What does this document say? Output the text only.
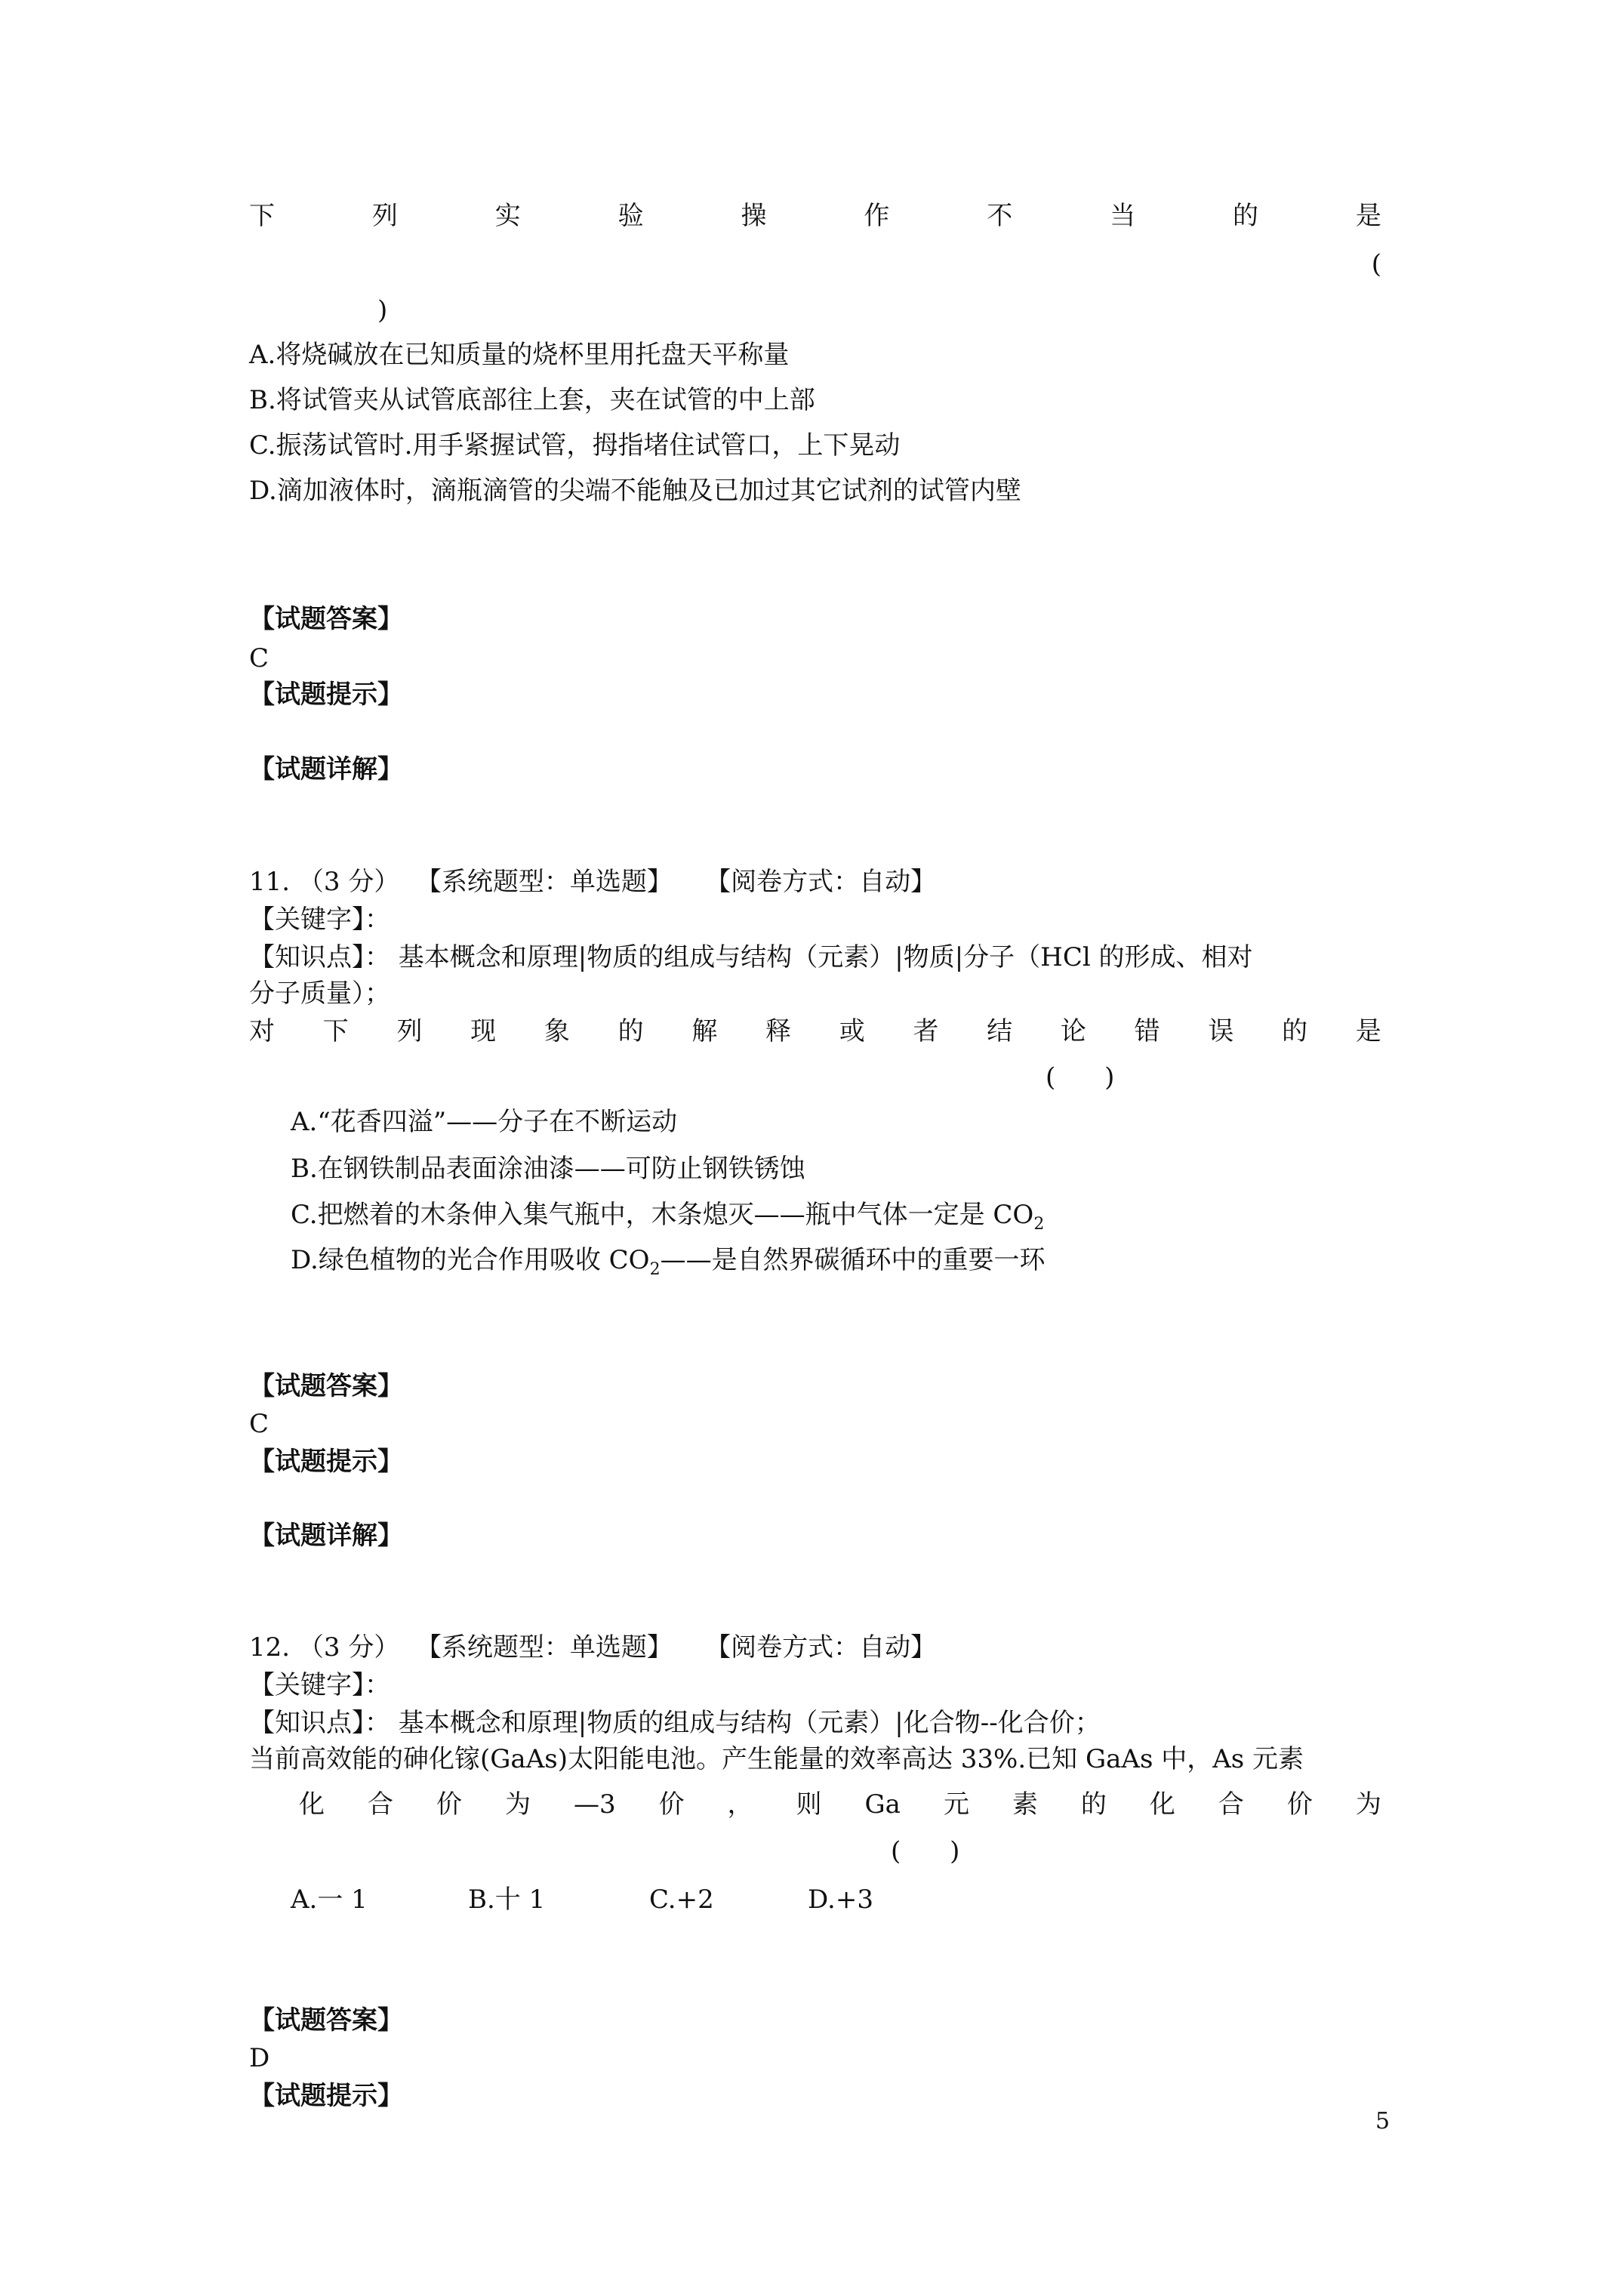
下	列	实	验	操	作	不	当	的	是
(
)
A.将烧碱放在已知质量的烧杯里用托盘天平称量
B.将试管夹从试管底部往上套，夹在试管的中上部
C.振荡试管时.用手紧握试管，拇指堵住试管口，上下晃动
D.滴加液体时，滴瓶滴管的尖端不能触及已加过其它试剂的试管内壁
【试题答案】
C
【试题提示】
【试题详解】
11. （3 分）  【系统题型：单选题】    【阅卷方式：自动】
【关键字】：
【知识点】： 基本概念和原理|物质的组成与结构（元素）|物质|分子（HCl 的形成、相对
分子质量）；
对 下 列 现 象 的 解 释 或 者 结 论 错 误 的 是
(      )
A.“花香四溢”——分子在不断运动
B.在钢铁制品表面涂油漆——可防止钢铁锈蚀
C.把燃着的木条伸入集气瓶中，木条熄灭——瓶中气体一定是 $CO_2$
D.绿色植物的光合作用吸收 $CO_2——$是自然界碳循环中的重要一环
【试题答案】
C
【试题提示】
【试题详解】
12. （3 分）  【系统题型：单选题】    【阅卷方式：自动】
【关键字】：
【知识点】： 基本概念和原理|物质的组成与结构（元素）|化合物--化合价；
当前高效能的砷化镓(GaAs)太阳能电池。产生能量的效率高达 33%.已知 GaAs 中，As 元素
化 合 价 为 —3 价 ， 则 Ga 元 素 的 化 合 价 为
(      )
A.一 1	B.十 1	C.+2	D.+3
【试题答案】
D
【试题提示】
5
